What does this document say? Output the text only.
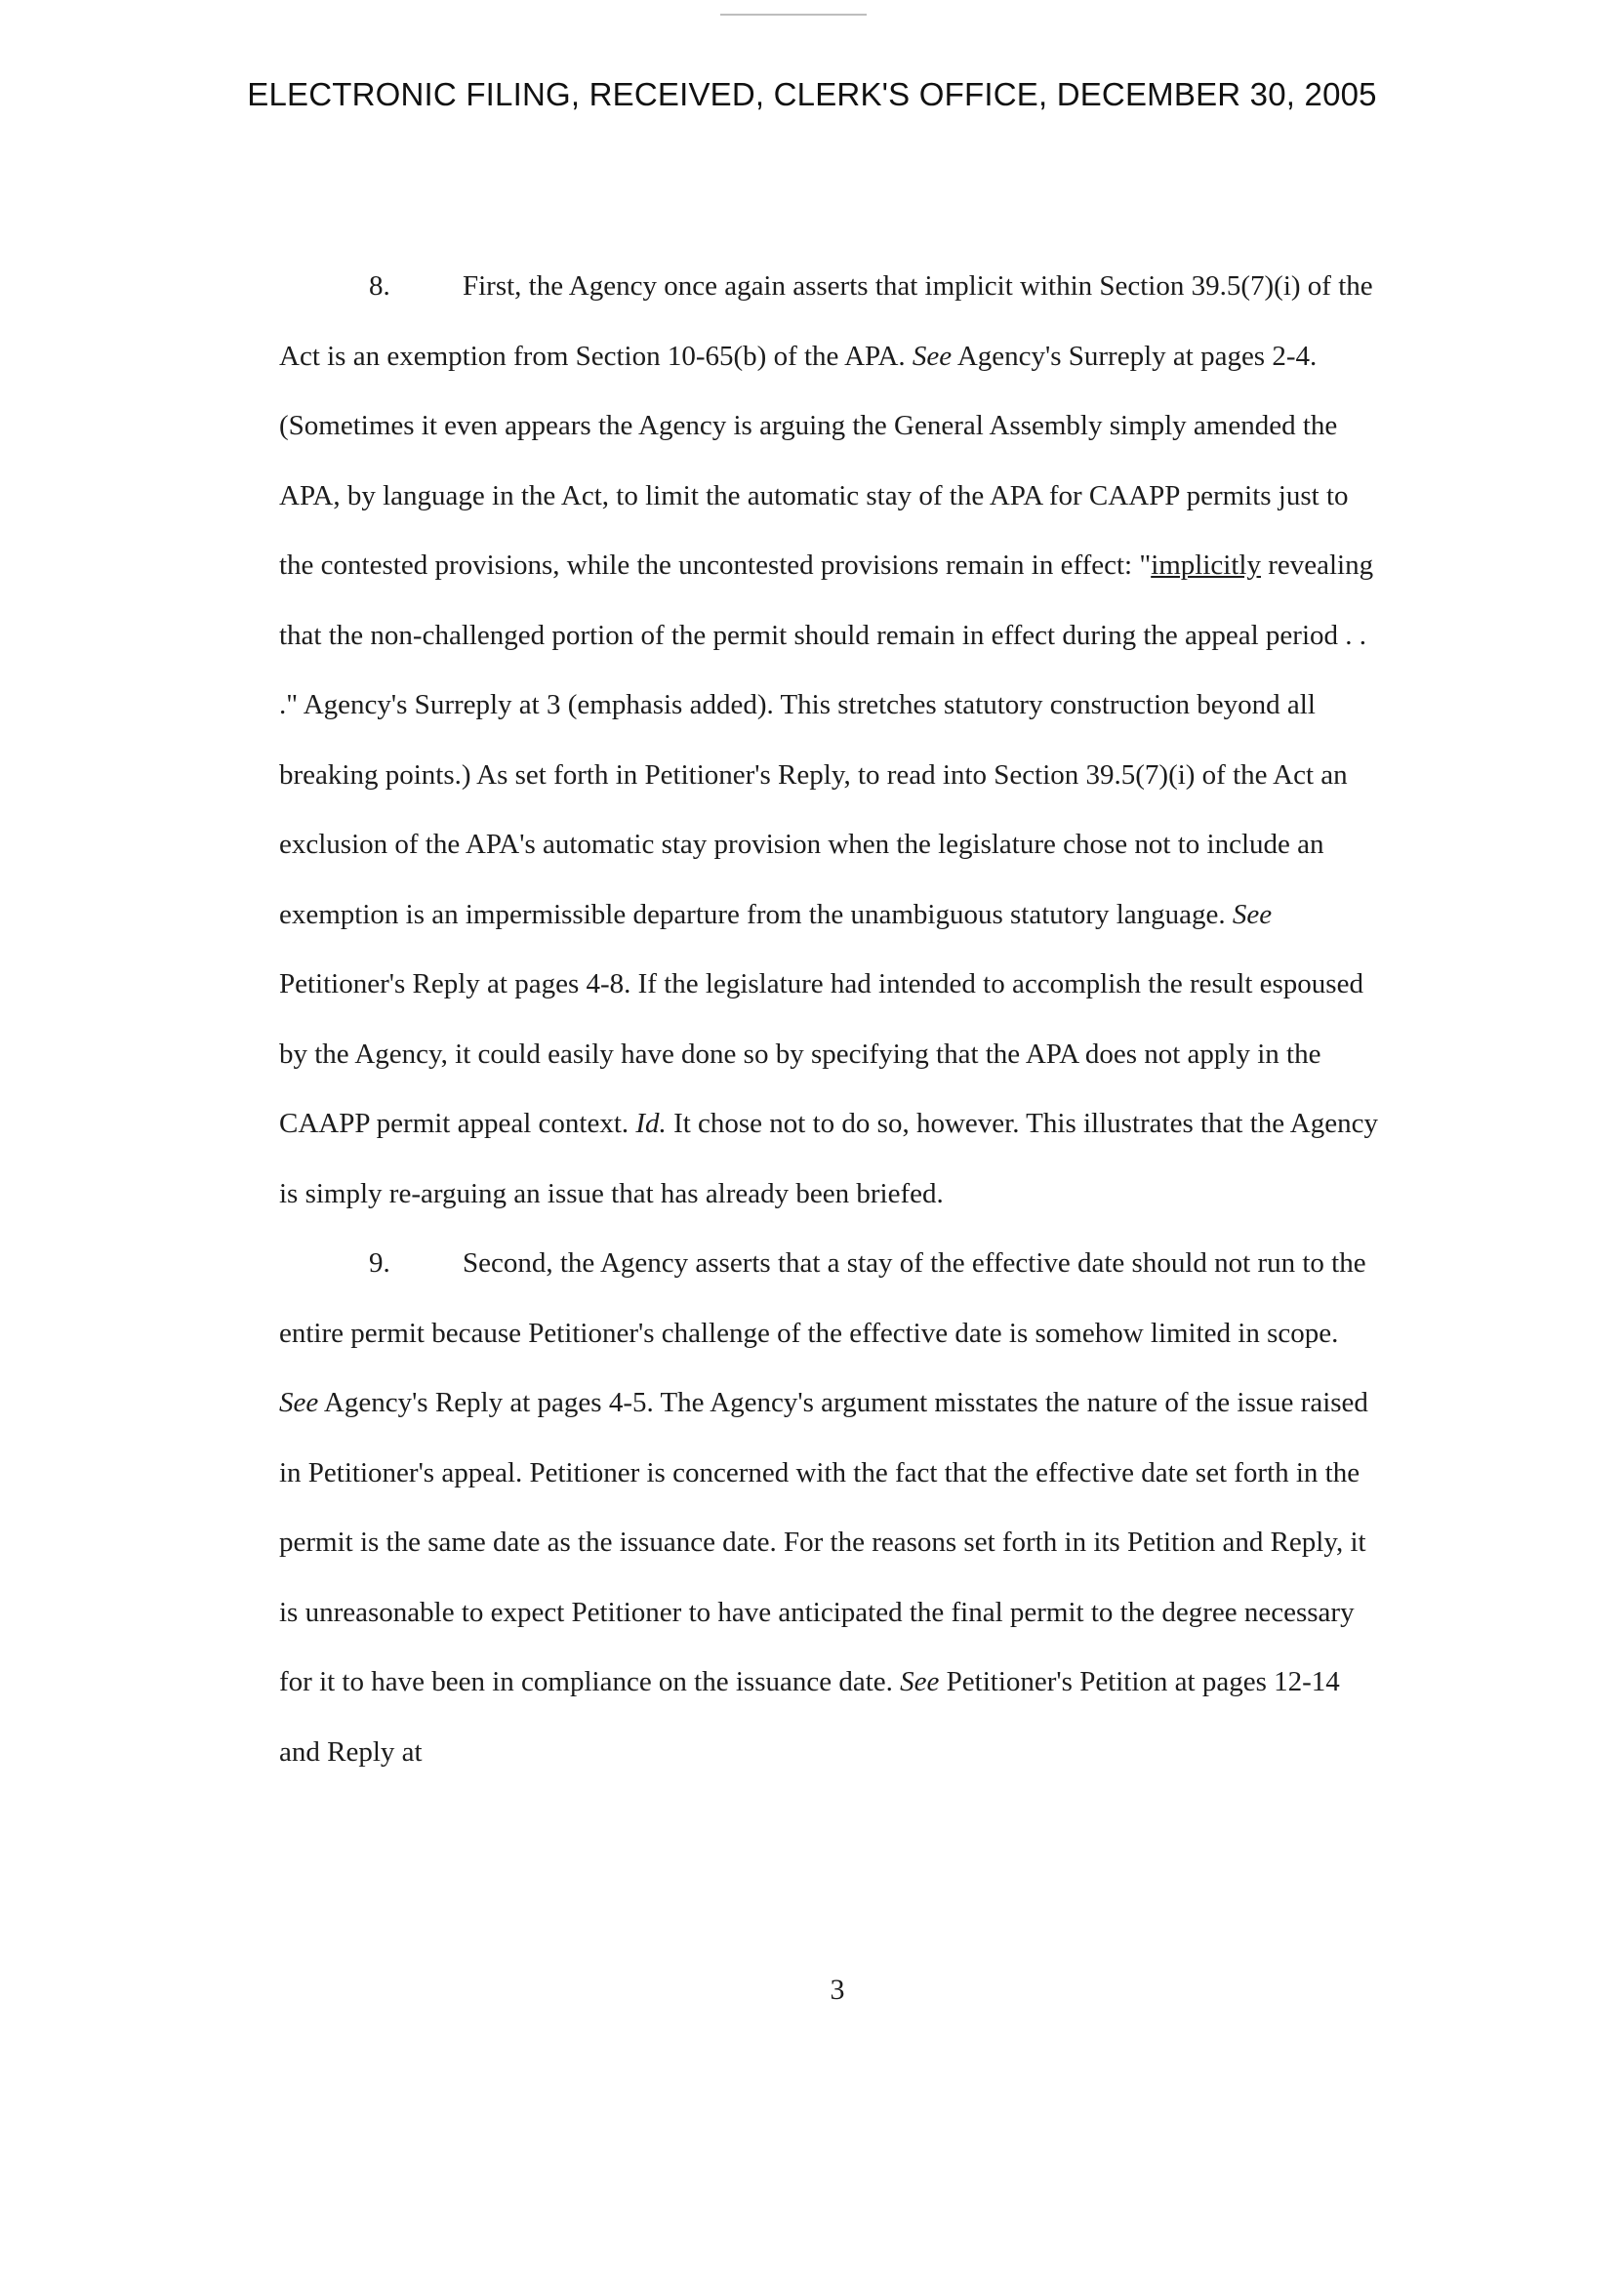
ELECTRONIC FILING, RECEIVED, CLERK'S OFFICE, DECEMBER 30, 2005

8.	First, the Agency once again asserts that implicit within Section 39.5(7)(i) of the Act is an exemption from Section 10-65(b) of the APA. See Agency's Surreply at pages 2-4. (Sometimes it even appears the Agency is arguing the General Assembly simply amended the APA, by language in the Act, to limit the automatic stay of the APA for CAAPP permits just to the contested provisions, while the uncontested provisions remain in effect: "implicitly revealing that the non-challenged portion of the permit should remain in effect during the appeal period . . ." Agency's Surreply at 3 (emphasis added). This stretches statutory construction beyond all breaking points.) As set forth in Petitioner's Reply, to read into Section 39.5(7)(i) of the Act an exclusion of the APA's automatic stay provision when the legislature chose not to include an exemption is an impermissible departure from the unambiguous statutory language. See Petitioner's Reply at pages 4-8. If the legislature had intended to accomplish the result espoused by the Agency, it could easily have done so by specifying that the APA does not apply in the CAAPP permit appeal context. Id. It chose not to do so, however. This illustrates that the Agency is simply re-arguing an issue that has already been briefed.

9.	Second, the Agency asserts that a stay of the effective date should not run to the entire permit because Petitioner's challenge of the effective date is somehow limited in scope. See Agency's Reply at pages 4-5. The Agency's argument misstates the nature of the issue raised in Petitioner's appeal. Petitioner is concerned with the fact that the effective date set forth in the permit is the same date as the issuance date. For the reasons set forth in its Petition and Reply, it is unreasonable to expect Petitioner to have anticipated the final permit to the degree necessary for it to have been in compliance on the issuance date. See Petitioner's Petition at pages 12-14 and Reply at

3
